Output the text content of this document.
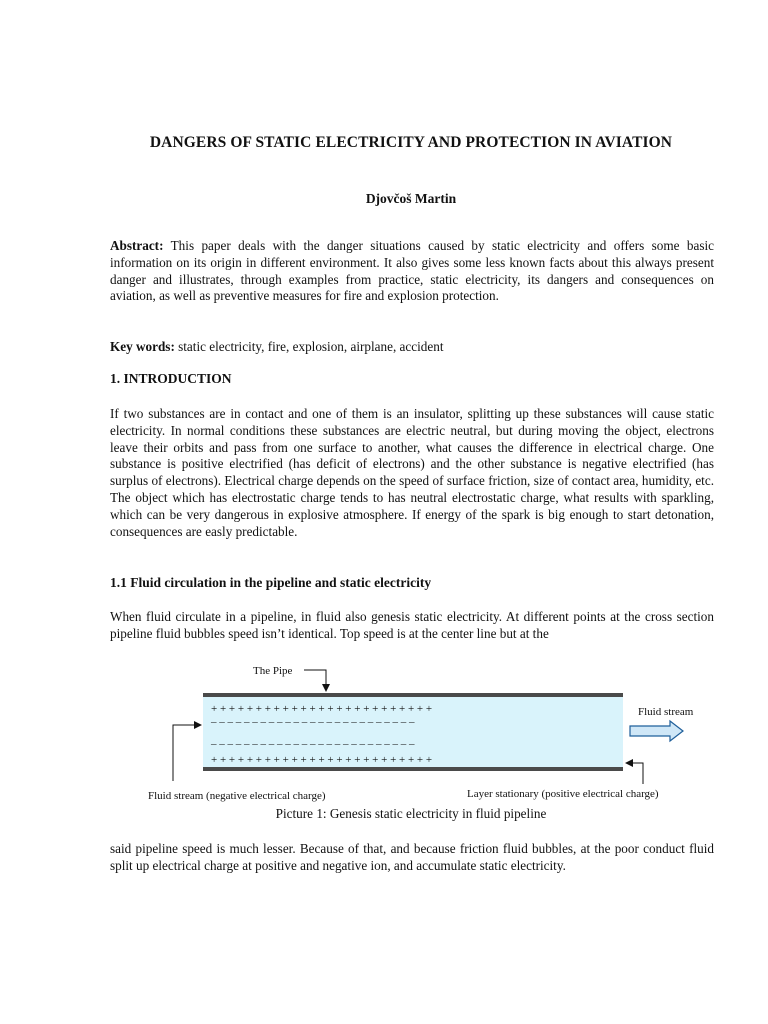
DANGERS OF STATIC ELECTRICITY AND PROTECTION IN AVIATION
Djovčoš Martin

Abstract: This paper deals with the danger situations caused by static electricity and offers some basic information on its origin in different environment. It also gives some less known facts about this always present danger and illustrates, through examples from practice, static electricity, its dangers and consequences on aviation, as well as preventive measures for fire and explosion protection.

Key words: static electricity, fire, explosion, airplane, accident

1. INTRODUCTION

If two substances are in contact and one of them is an insulator, splitting up these substances will cause static electricity. In normal conditions these substances are electric neutral, but during moving the object, electrons leave their orbits and pass from one surface to another, what causes the difference in electrical charge. One substance is positive electrified (has deficit of electrons) and the other substance is negative electrified (has surplus of electrons). Electrical charge depends on the speed of surface friction, size of contact area, humidity, etc. The object which has electrostatic charge tends to has neutral electrostatic charge, what results with sparkling, which can be very dangerous in explosive atmosphere. If energy of the spark is big enough to start detonation, consequences are easly predictable.

1.1 Fluid circulation in the pipeline and static electricity

When fluid circulate in a pipeline, in fluid also genesis static electricity. At different points at the cross section pipeline fluid bubbles speed isn’t identical. Top speed is at the center line but at the

+ + + + + + + + + + + + + + + + + + + + + + + + +
– – – – – – – – – – – – – – – – – – – – – – – – –
– – – – – – – – – – – – – – – – – – – – – – – – –
+ + + + + + + + + + + + + + + + + + + + + + + + +
The Pipe
Fluid stream
Fluid stream (negative electrical charge)	Layer stationary (positive electrical charge)
Picture 1: Genesis static electricity in fluid pipeline

said pipeline speed is much lesser. Because of that, and because friction fluid bubbles, at the poor conduct fluid split up electrical charge at positive and negative ion, and accumulate static electricity.
